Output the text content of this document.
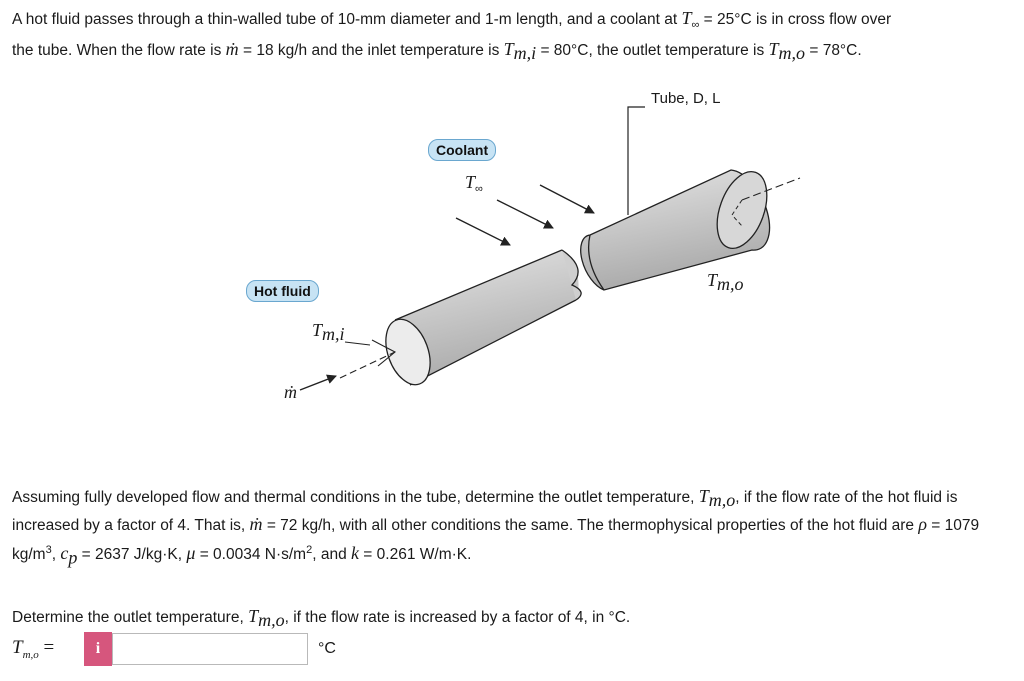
A hot fluid passes through a thin-walled tube of 10-mm diameter and 1-m length, and a coolant at $T_\infty = 25^\circ C$ is in cross flow over
the tube. When the flow rate is ṁ = 18 kg/h and the inlet temperature is $T_{m,i} = 80^\circ C$, the outlet temperature is $T_{m,o} = 78^\circ C$.
Tube, D, L
Coolant
$T_\infty$
Hot fluid
$T_{m,i}$
$T_{m,o}$
ṁ
Assuming fully developed flow and thermal conditions in the tube, determine the outlet temperature, $T_{m,o}$, if the flow rate of the hot fluid is increased by a factor of 4. That is, ṁ = 72 kg/h, with all other conditions the same. The thermophysical properties of the hot fluid are ρ = 1079 $kg/m^3$, $c_p = 2637$ J/kg·K, μ = 0.0034 $N\cdot s/m^2$, and k = 0.261 W/m·K.
Determine the outlet temperature, $T_{m,o}$, if the flow rate is increased by a factor of 4, in °C.
$T_{m,o}$ =	i	°C
